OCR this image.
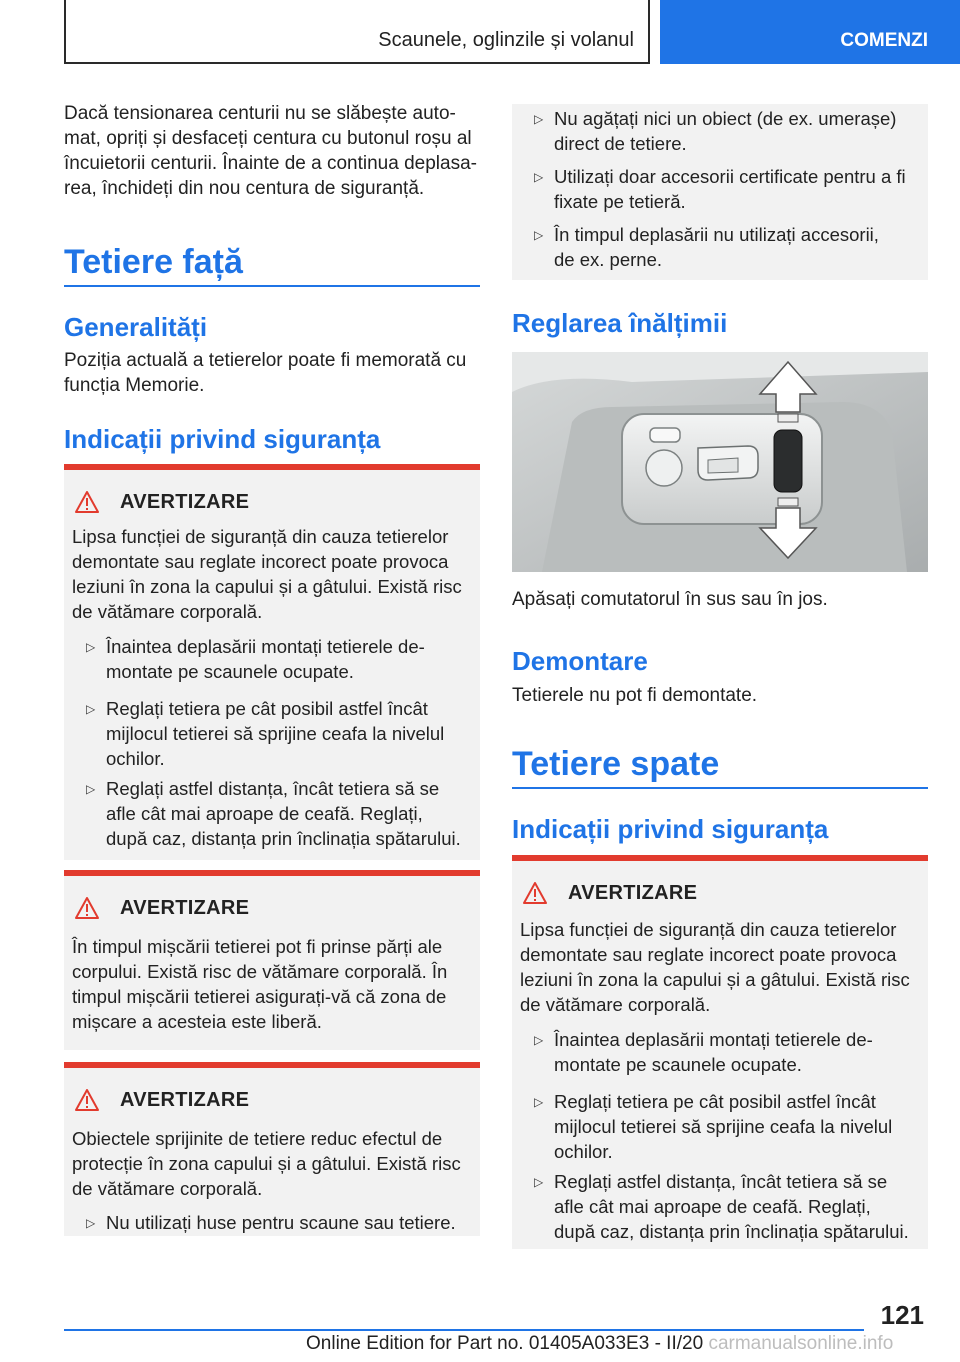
Scaunele, oglinzile și volanul	COMENZI
Dacă tensionarea centurii nu se slăbește auto-
mat, opriți și desfaceți centura cu butonul roșu al
încuietorii centurii. Înainte de a continua deplasa-
rea, închideți din nou centura de siguranță.
Tetiere față
Generalități
Poziția actuală a tetierelor poate fi memorată cu
funcția Memorie.
Indicații privind siguranța
AVERTIZARE
Lipsa funcției de siguranță din cauza tetierelor
demontate sau reglate incorect poate provoca
leziuni în zona la capului și a gâtului. Există risc
de vătămare corporală.
▷ Înaintea deplasării montați tetierele de-
montate pe scaunele ocupate.
▷ Reglați tetiera pe cât posibil astfel încât
mijlocul tetierei să sprijine ceafa la nivelul
ochilor.
▷ Reglați astfel distanța, încât tetiera să se
afle cât mai aproape de ceafă. Reglați,
după caz, distanța prin înclinația spătarului.
AVERTIZARE
În timpul mișcării tetierei pot fi prinse părți ale
corpului. Există risc de vătămare corporală. În
timpul mișcării tetierei asigurați-vă că zona de
mișcare a acesteia este liberă.
AVERTIZARE
Obiectele sprijinite de tetiere reduc efectul de
protecție în zona capului și a gâtului. Există risc
de vătămare corporală.
▷ Nu utilizați huse pentru scaune sau tetiere.
▷ Nu agățați nici un obiect (de ex. umerașe)
direct de tetiere.
▷ Utilizați doar accesorii certificate pentru a fi
fixate pe tetieră.
▷ În timpul deplasării nu utilizați accesorii,
de ex. perne.
Reglarea înălțimii
Apăsați comutatorul în sus sau în jos.
Demontare
Tetierele nu pot fi demontate.
Tetiere spate
Indicații privind siguranța
AVERTIZARE
Lipsa funcției de siguranță din cauza tetierelor
demontate sau reglate incorect poate provoca
leziuni în zona la capului și a gâtului. Există risc
de vătămare corporală.
▷ Înaintea deplasării montați tetierele de-
montate pe scaunele ocupate.
▷ Reglați tetiera pe cât posibil astfel încât
mijlocul tetierei să sprijine ceafa la nivelul
ochilor.
▷ Reglați astfel distanța, încât tetiera să se
afle cât mai aproape de ceafă. Reglați,
după caz, distanța prin înclinația spătarului.
121
Online Edition for Part no. 01405A033E3 - II/20 carmanualsonline.info
